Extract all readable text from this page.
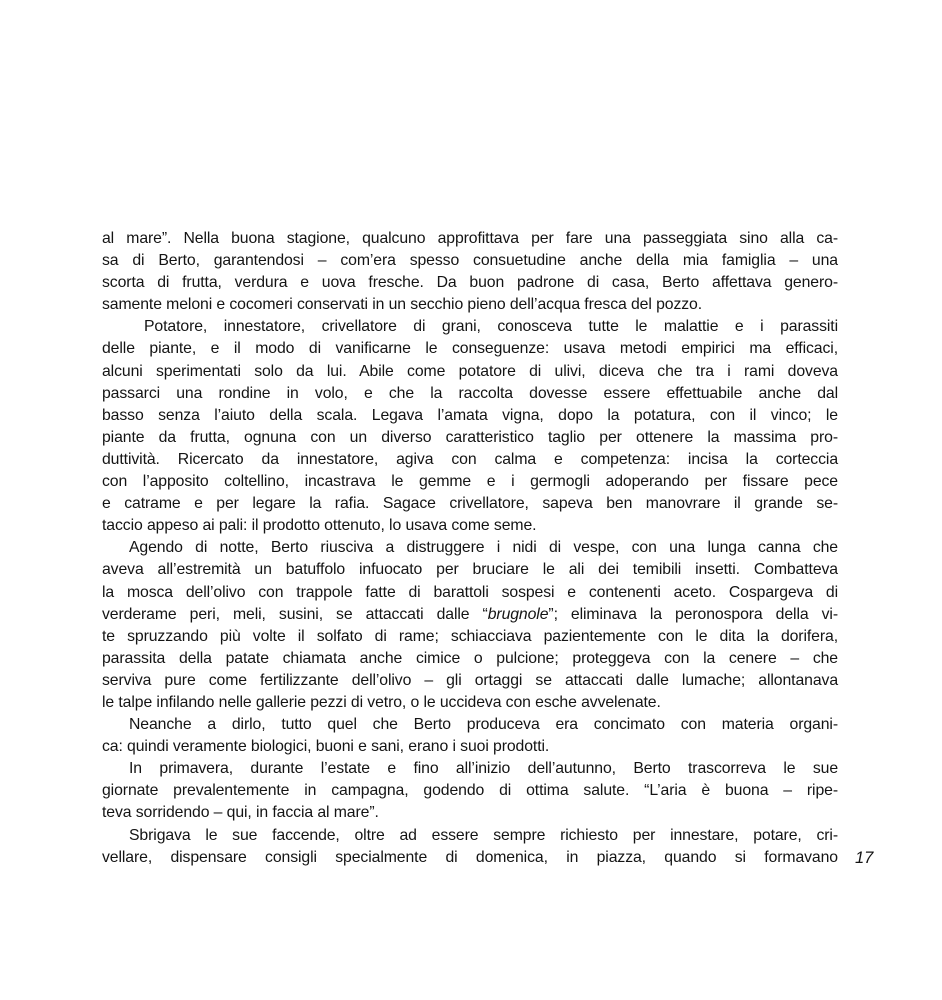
al mare”. Nella buona stagione, qualcuno approfittava per fare una passeggiata sino alla ca-
sa di Berto, garantendosi – com’era spesso consuetudine anche della mia famiglia – una
scorta di frutta, verdura e uova fresche. Da buon padrone di casa, Berto affettava genero-
samente meloni e cocomeri conservati in un secchio pieno dell’acqua fresca del pozzo.
Potatore, innestatore, crivellatore di grani, conosceva tutte le malattie e i parassiti
delle piante, e il modo di vanificarne le conseguenze: usava metodi empirici ma efficaci,
alcuni sperimentati solo da lui. Abile come potatore di ulivi, diceva che tra i rami doveva
passarci una rondine in volo, e che la raccolta dovesse essere effettuabile anche dal
basso senza l’aiuto della scala. Legava l’amata vigna, dopo la potatura, con il vinco; le
piante da frutta, ognuna con un diverso caratteristico taglio per ottenere la massima pro-
duttività. Ricercato da innestatore, agiva con calma e competenza: incisa la corteccia
con l’apposito coltellino, incastrava le gemme e i germogli adoperando per fissare pece
e catrame e per legare la rafia. Sagace crivellatore, sapeva ben manovrare il grande se-
taccio appeso ai pali: il prodotto ottenuto, lo usava come seme.
Agendo di notte, Berto riusciva a distruggere i nidi di vespe, con una lunga canna che
aveva all’estremità un batuffolo infuocato per bruciare le ali dei temibili insetti. Combatteva
la mosca dell’olivo con trappole fatte di barattoli sospesi e contenenti aceto. Cospargeva di
verderame peri, meli, susini, se attaccati dalle “brugnole”; eliminava la peronospora della vi-
te spruzzando più volte il solfato di rame; schiacciava pazientemente con le dita la dorifera,
parassita della patate chiamata anche cimice o pulcione; proteggeva con la cenere – che
serviva pure come fertilizzante dell’olivo – gli ortaggi se attaccati dalle lumache; allontanava
le talpe infilando nelle gallerie pezzi di vetro, o le uccideva con esche avvelenate.
Neanche a dirlo, tutto quel che Berto produceva era concimato con materia organi-
ca: quindi veramente biologici, buoni e sani, erano i suoi prodotti.
In primavera, durante l’estate e fino all’inizio dell’autunno, Berto trascorreva le sue
giornate prevalentemente in campagna, godendo di ottima salute. “L’aria è buona – ripe-
teva sorridendo – qui, in faccia al mare”.
Sbrigava le sue faccende, oltre ad essere sempre richiesto per innestare, potare, cri-
vellare, dispensare consigli specialmente di domenica, in piazza, quando si formavano 17
